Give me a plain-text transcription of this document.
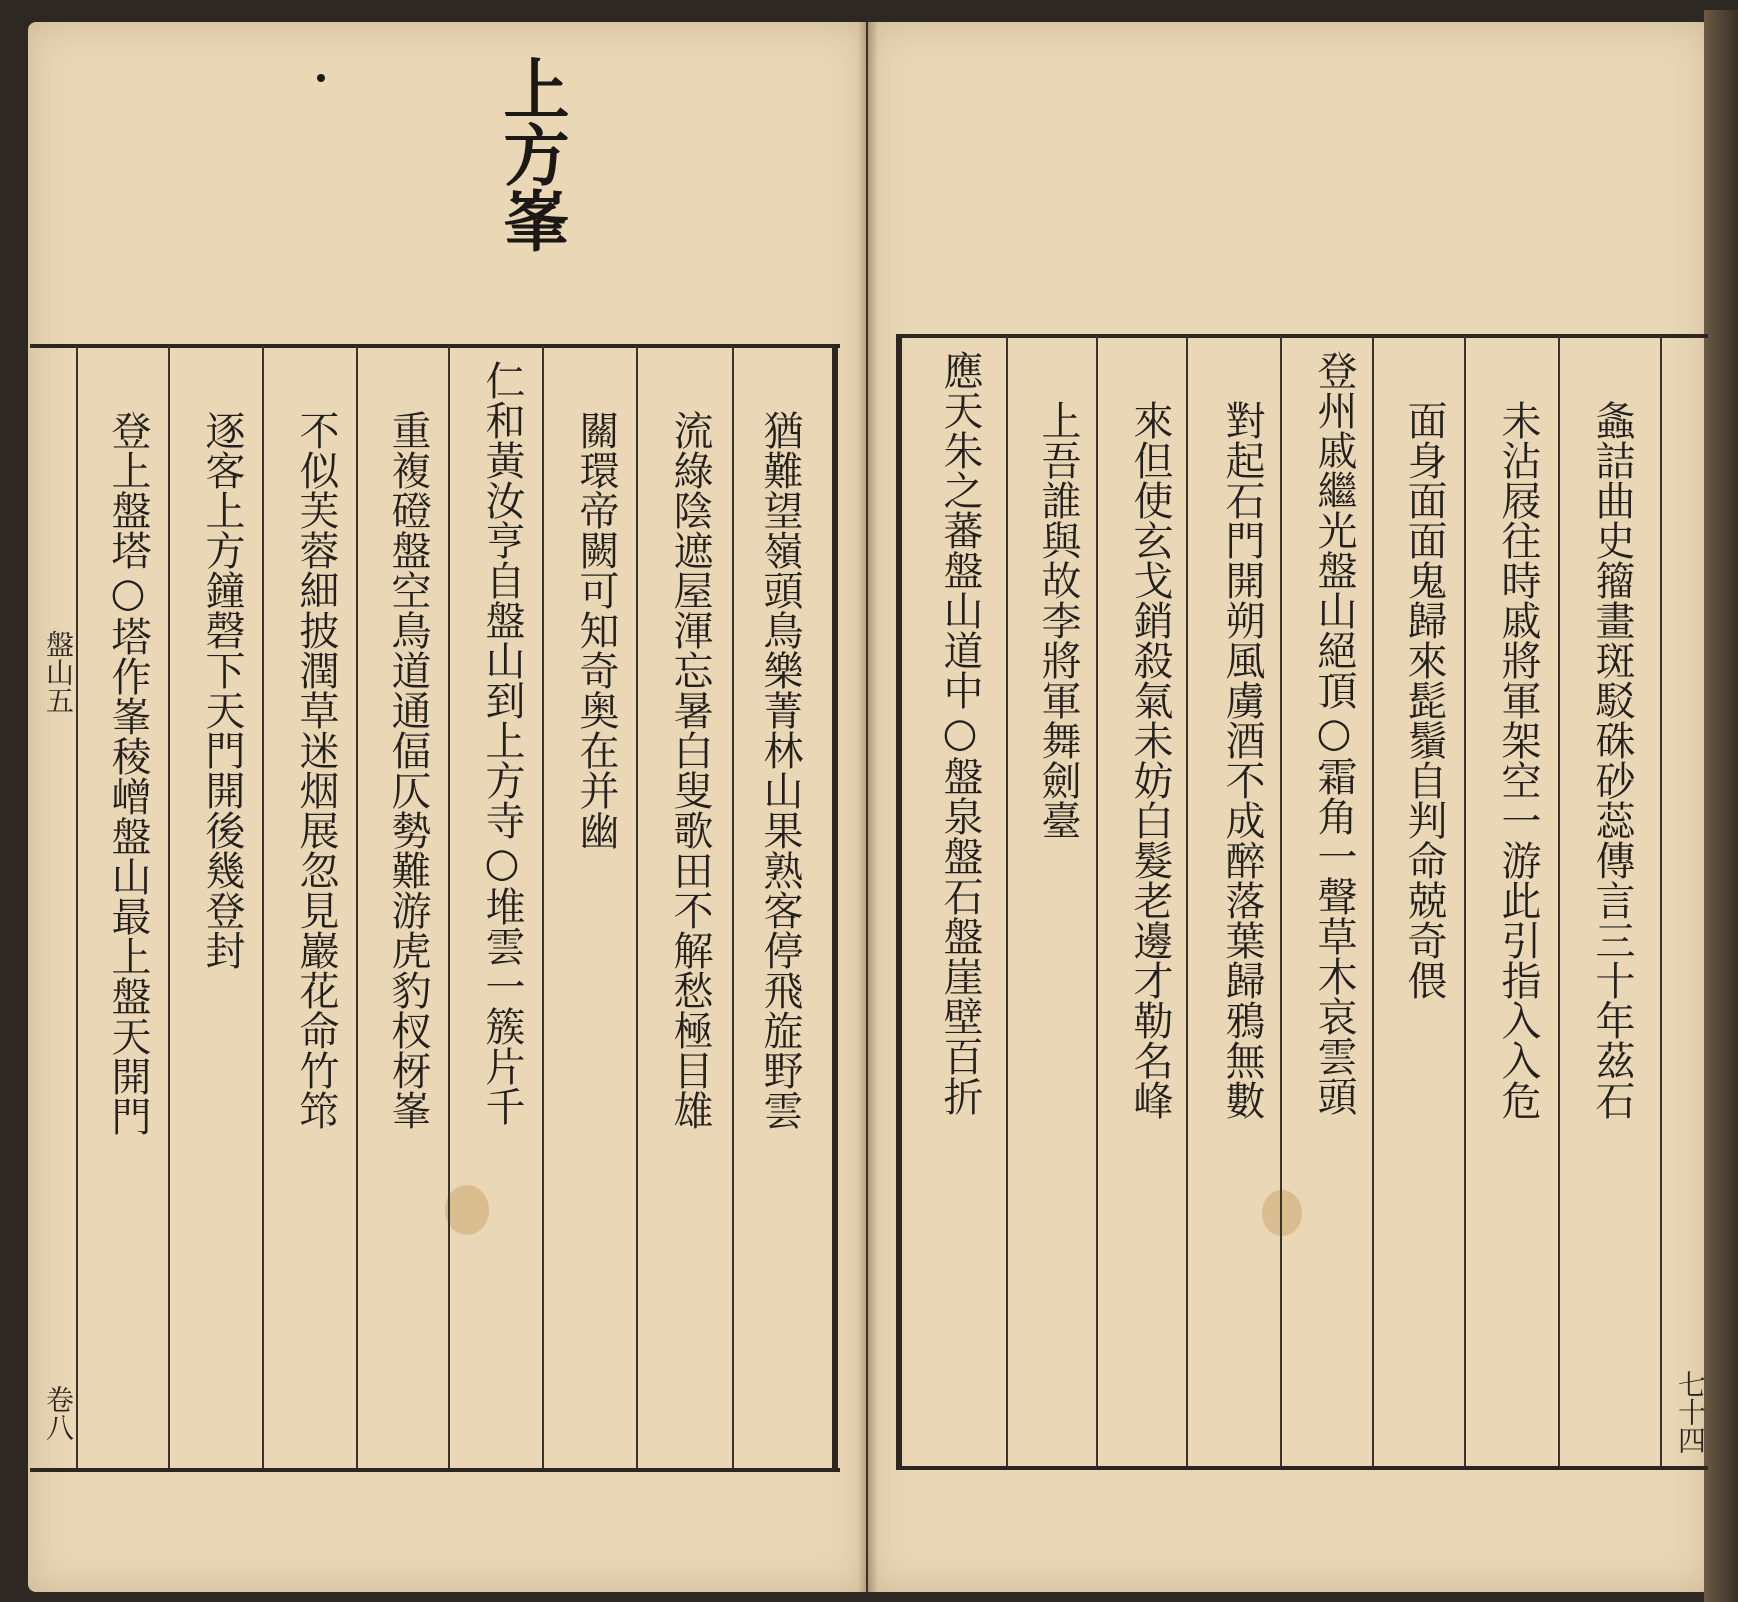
上方峯
猶難望嶺頭鳥樂菁林山果熟客停飛㫌野雲
流綠陰遮屋渾忘暑白叟歌田不解愁極目雄
關環帝闕可知奇奥在并幽
仁和黃汝亨自盤山到上方寺○堆雲一簇片千
重複磴盤空鳥道通偪仄勢難游虎豹杈枒峯
不似芙蓉細披潤草迷烟展忽見巖花命竹筇
逐客上方鐘磬下天門開後幾登封
登上盤塔○塔作峯稜嶒盤山最上盤天開門
盤山五
卷八
螽詰曲史籀畫斑駁硃砂蕊傳言三十年茲石
未沾屐往時戚將軍架空一游此引指入入危
面身面面鬼歸來髭鬚自判命兢奇偎
登州戚繼光盤山絕頂○霜角一聲草木哀雲頭
對起石門開朔風虜酒不成醉落葉歸鴉無數
來但使玄戈銷殺氣未妨白髮老邊才勒名峰
上吾誰與故李將軍舞劍臺
應天朱之蕃盤山道中○盤泉盤石盤崖壁百折
七十四
